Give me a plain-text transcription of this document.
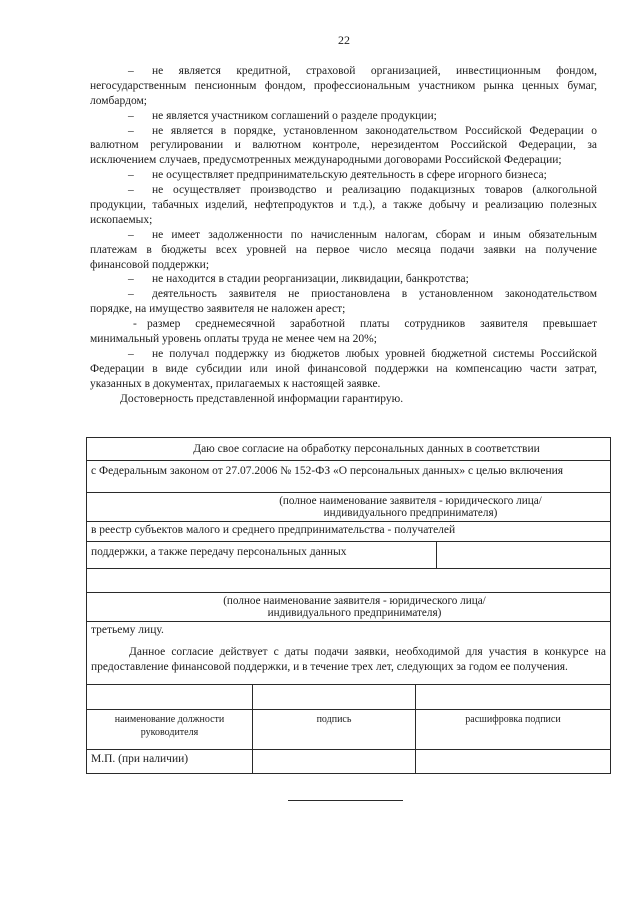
22
– не является кредитной, страховой организацией, инвестиционным фондом,
негосударственным пенсионным фондом, профессиональным участником рынка ценных бумаг,
ломбардом;
– не является участником соглашений о разделе продукции;
– не является в порядке, установленном законодательством Российской Федерации о
валютном регулировании и валютном контроле, нерезидентом Российской Федерации, за
исключением случаев, предусмотренных международными договорами Российской Федерации;
– не осуществляет предпринимательскую деятельность в сфере игорного бизнеса;
– не осуществляет производство и реализацию подакцизных товаров (алкогольной
продукции, табачных изделий, нефтепродуктов и т.д.), а также добычу и реализацию полезных
ископаемых;
– не имеет задолженности по начисленным налогам, сборам и иным обязательным
платежам в бюджеты всех уровней на первое число месяца подачи заявки на получение
финансовой поддержки;
– не находится в стадии реорганизации, ликвидации, банкротства;
– деятельность заявителя не приостановлена в установленном законодательством
порядке, на имущество заявителя не наложен арест;
- размер среднемесячной заработной платы сотрудников заявителя превышает
минимальный уровень оплаты труда не менее чем на 20%;
– не получал поддержку из бюджетов любых уровней бюджетной системы Российской
Федерации в виде субсидии или иной финансовой поддержки на компенсацию части затрат,
указанных в документах, прилагаемых к настоящей заявке.
Достоверность представленной информации гарантирую.
Даю свое согласие на обработку персональных данных в соответствии
с Федеральным законом от 27.07.2006 № 152-ФЗ «О персональных данных» с целью включения
(полное наименование заявителя - юридического лица/
индивидуального предпринимателя)
в реестр субъектов малого и среднего предпринимательства - получателей
поддержки, а также передачу персональных данных
(полное наименование заявителя - юридического лица/
индивидуального предпринимателя)
третьему лицу.
Данное согласие действует с даты подачи заявки, необходимой для участия в конкурсе на
предоставление финансовой поддержки, и в течение трех лет, следующих за годом ее получения.
наименование должности
руководителя
подпись	расшифровка подписи
М.П. (при наличии)
